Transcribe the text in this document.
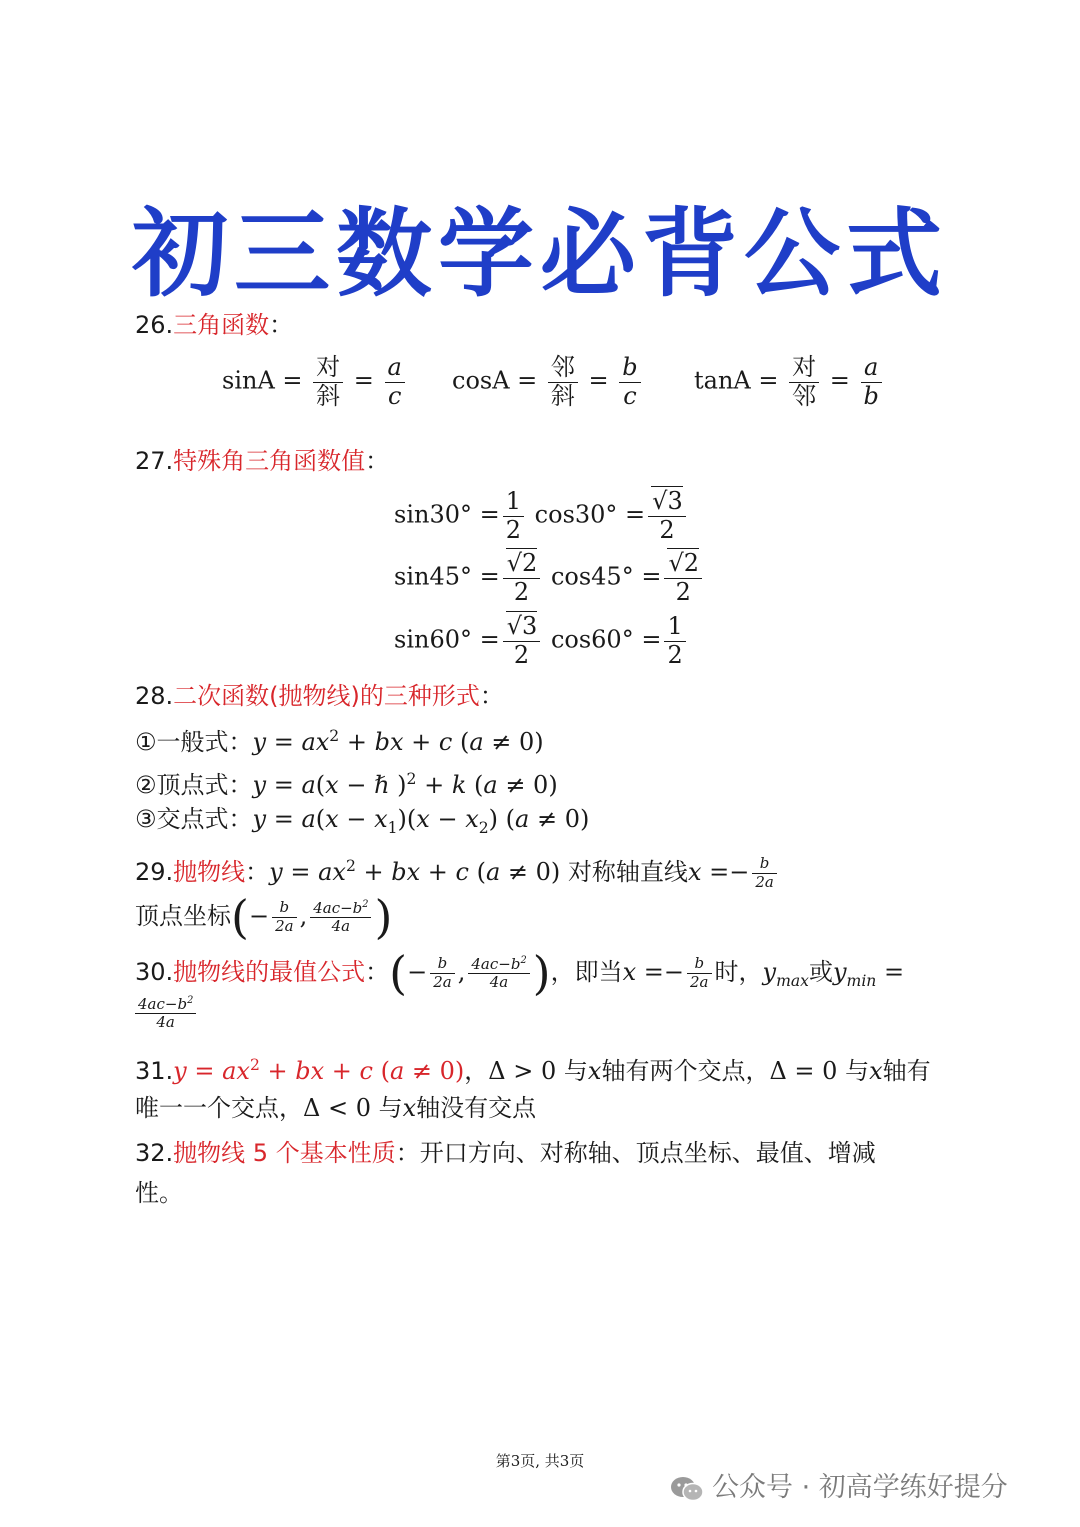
初三数学必背公式
26.三角函数：
$\sin A = \frac{\text{对}}{\text{斜}} = \frac{a}{c}$ $\cos A = \frac{\text{邻}}{\text{斜}} = \frac{b}{c}$ $\tan A = \frac{\text{对}}{\text{邻}} = \frac{a}{b}$
27.特殊角三角函数值：
$\sin 30^\circ = \frac{1}{2} \cos 30^\circ = \frac{√3}{2}$
$\sin 45^\circ = \frac{√2}{2} \cos 45^\circ = \frac{√2}{2}$
$\sin 60^\circ = \frac{√3}{2} \cos 60^\circ = \frac{1}{2}$
28.二次函数(抛物线)的三种形式：
①一般式：$y = ax^2$ + bx + c (a ≠ 0)
②顶点式：y = a(x − ℏ )$^2$ + k (a ≠ 0)
③交点式：$y = a(x - x_1)(x - x_2)$ (a ≠ 0)
29.抛物线：$y = ax^2$ + bx + c (a ≠ 0) 对称轴直线$x =- \frac{b}{2a}$
顶点坐标(− $\frac{b}{2a}$ , $\frac{4ac-b^2}{4a}$ )
30.抛物线的最值公式：(− $\frac{b}{2a}$ , $\frac{4ac-b^2}{4a}$ )，即当$x =- \frac{b}{2a}$ 时，$y_{max}$或$y_{min}$ =
$\frac{4ac-b^2}{4a}$
$31.y = ax^2$ + bx + c (a ≠ 0)，Δ > 0 与x轴有两个交点，Δ = 0 与x轴有
唯一一个交点，Δ < 0 与x轴没有交点
32.抛物线 5 个基本性质：开口方向、对称轴、顶点坐标、最值、增减
性。
第3页, 共3页
公众号 · 初高学练好提分
